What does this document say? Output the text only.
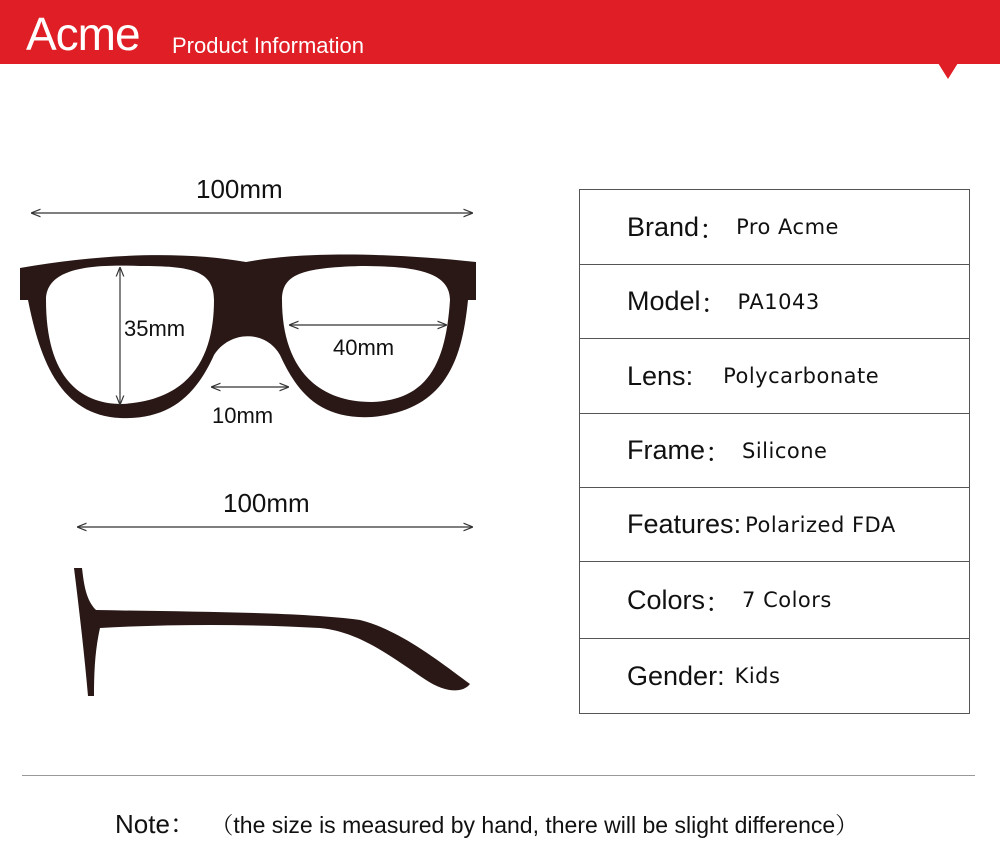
Acme Product Information
100mm
35mm
40mm
10mm
100mm
Brand ： Pro Acme
Model ： PA1043
Lens : Polycarbonate
Frame ： Silicone
Features : Polarized FDA
Colors ： 7 Colors
Gender : Kids
Note： （the size is measured by hand, there will be slight difference）
